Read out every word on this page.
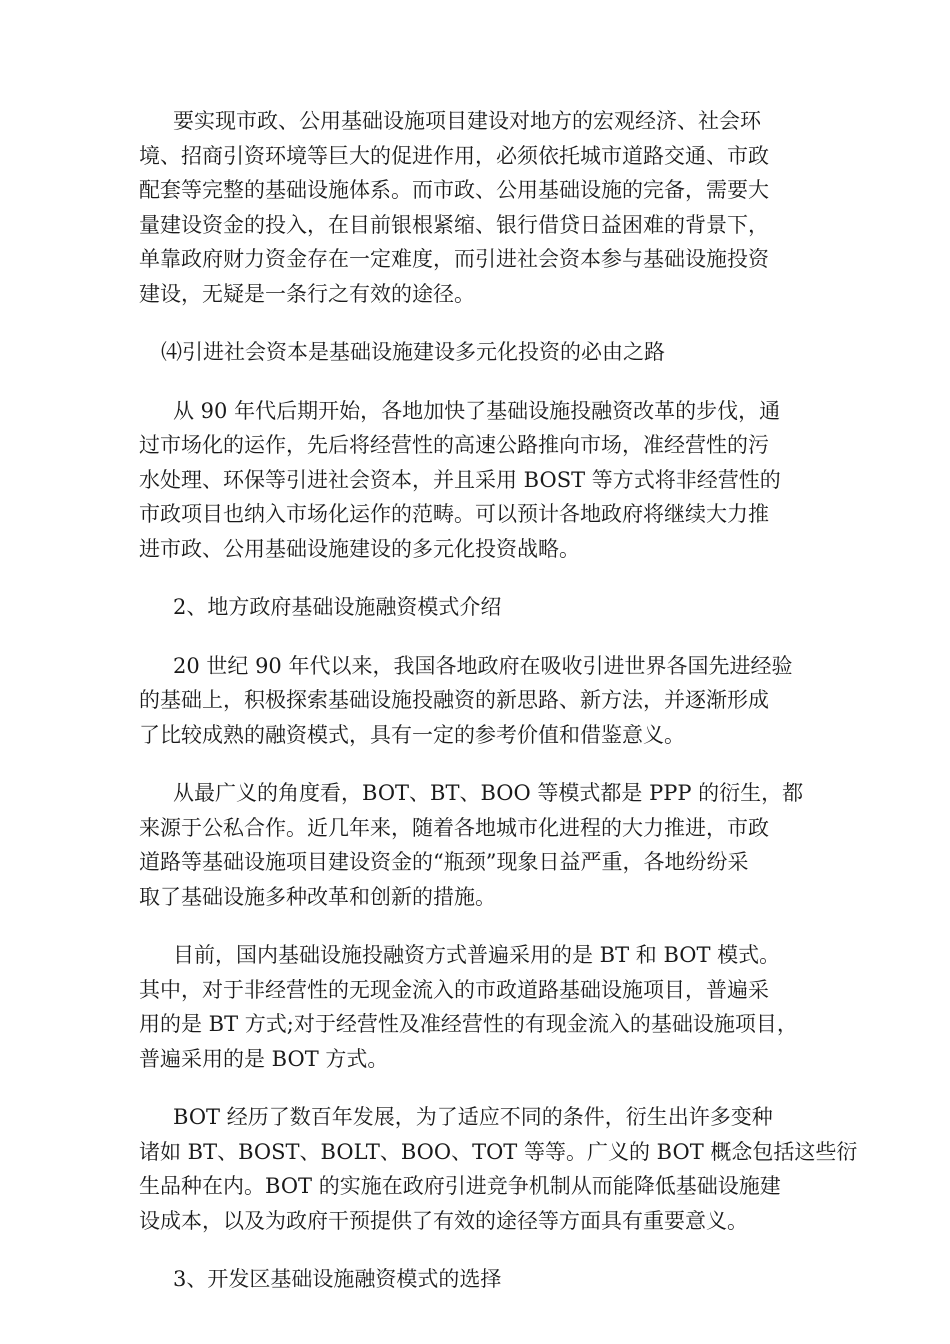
要实现市政、公用基础设施项目建设对地方的宏观经济、社会环
境、招商引资环境等巨大的促进作用，必须依托城市道路交通、市政
配套等完整的基础设施体系。而市政、公用基础设施的完备，需要大
量建设资金的投入，在目前银根紧缩、银行借贷日益困难的背景下，
单靠政府财力资金存在一定难度，而引进社会资本参与基础设施投资
建设，无疑是一条行之有效的途径。
⑷引进社会资本是基础设施建设多元化投资的必由之路
从 90 年代后期开始，各地加快了基础设施投融资改革的步伐，通
过市场化的运作，先后将经营性的高速公路推向市场，准经营性的污
水处理、环保等引进社会资本，并且采用 BOST 等方式将非经营性的
市政项目也纳入市场化运作的范畴。可以预计各地政府将继续大力推
进市政、公用基础设施建设的多元化投资战略。
2、地方政府基础设施融资模式介绍
20 世纪 90 年代以来，我国各地政府在吸收引进世界各国先进经验
的基础上，积极探索基础设施投融资的新思路、新方法，并逐渐形成
了比较成熟的融资模式，具有一定的参考价值和借鉴意义。
从最广义的角度看，BOT、BT、BOO 等模式都是 PPP 的衍生，都
来源于公私合作。近几年来，随着各地城市化进程的大力推进，市政
道路等基础设施项目建设资金的“瓶颈”现象日益严重，各地纷纷采
取了基础设施多种改革和创新的措施。
目前，国内基础设施投融资方式普遍采用的是 BT 和 BOT 模式。
其中，对于非经营性的无现金流入的市政道路基础设施项目，普遍采
用的是 BT 方式;对于经营性及准经营性的有现金流入的基础设施项目，
普遍采用的是 BOT 方式。
BOT 经历了数百年发展，为了适应不同的条件，衍生出许多变种
诸如 BT、BOST、BOLT、BOO、TOT 等等。广义的 BOT 概念包括这些衍
生品种在内。BOT 的实施在政府引进竞争机制从而能降低基础设施建
设成本，以及为政府干预提供了有效的途径等方面具有重要意义。
3、开发区基础设施融资模式的选择
